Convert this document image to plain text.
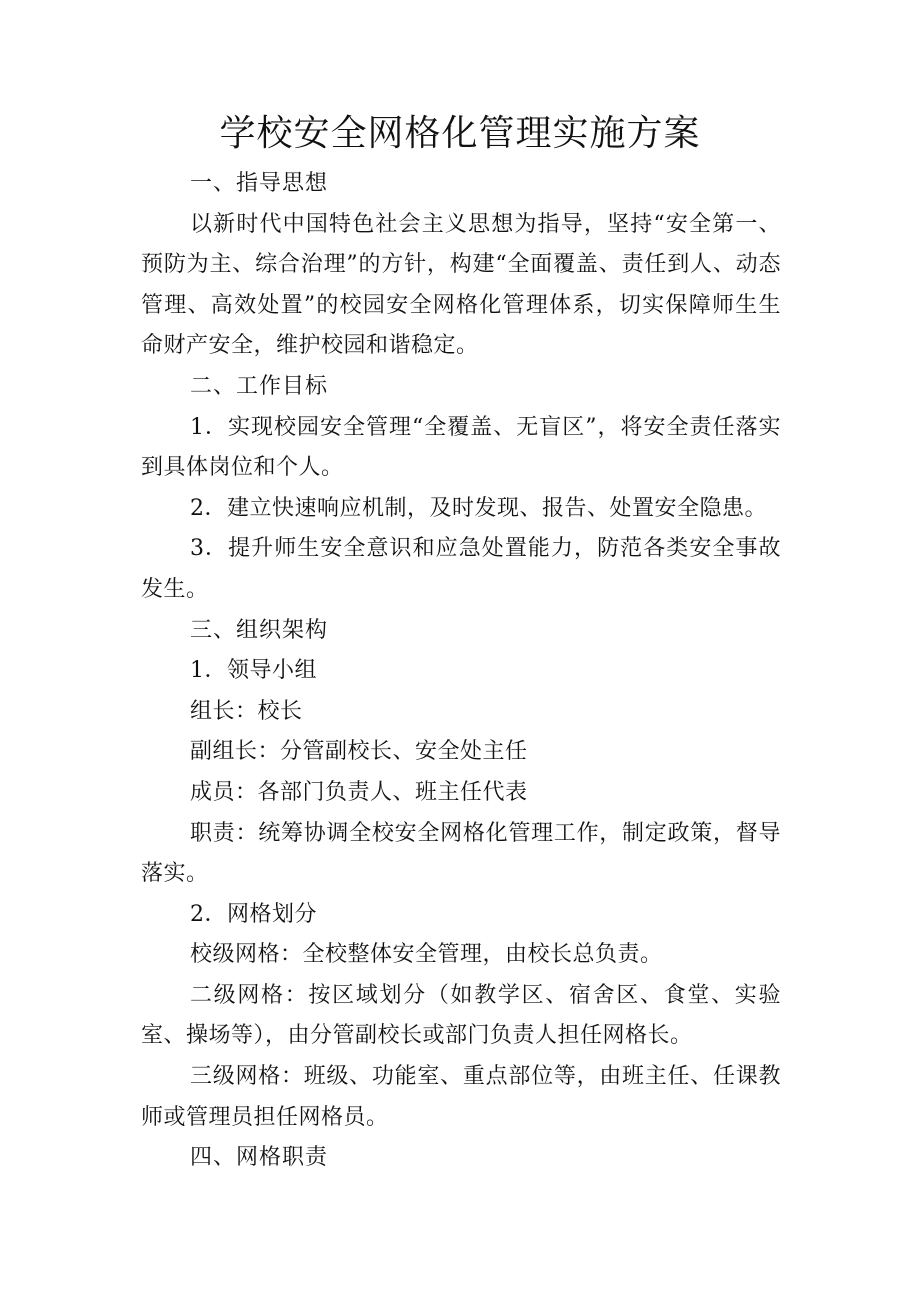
学校安全网格化管理实施方案

一、指导思想

以新时代中国特色社会主义思想为指导，坚持“安全第一、预防为主、综合治理”的方针，构建“全面覆盖、责任到人、动态管理、高效处置”的校园安全网格化管理体系，切实保障师生生命财产安全，维护校园和谐稳定。

二、工作目标

1．实现校园安全管理“全覆盖、无盲区”，将安全责任落实到具体岗位和个人。

2．建立快速响应机制，及时发现、报告、处置安全隐患。

3．提升师生安全意识和应急处置能力，防范各类安全事故发生。

三、组织架构

1．领导小组

组长：校长

副组长：分管副校长、安全处主任

成员：各部门负责人、班主任代表

职责：统筹协调全校安全网格化管理工作，制定政策，督导落实。

2．网格划分

校级网格：全校整体安全管理，由校长总负责。

二级网格：按区域划分（如教学区、宿舍区、食堂、实验室、操场等），由分管副校长或部门负责人担任网格长。

三级网格：班级、功能室、重点部位等，由班主任、任课教师或管理员担任网格员。

四、网格职责
